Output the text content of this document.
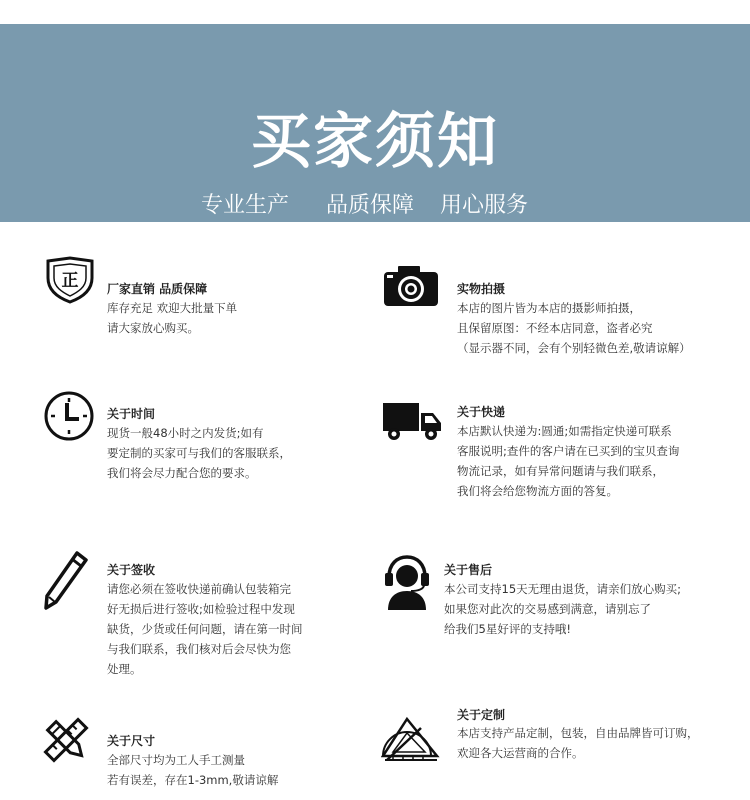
买家须知
专业生产 品质保障 用心服务
正 厂家直销 品质保障
库存充足 欢迎大批量下单
请大家放心购买。
实物拍摄
本店的图片皆为本店的摄影师拍摄，
且保留原图：不经本店同意，盗者必究
（显示器不同，会有个别轻微色差,敬请谅解）
关于时间
现货一般48小时之内发货;如有
要定制的买家可与我们的客服联系，
我们将会尽力配合您的要求。
关于快递
本店默认快递为:圆通;如需指定快递可联系
客服说明;查件的客户请在已买到的宝贝查询
物流记录，如有异常问题请与我们联系，
我们将会给您物流方面的答复。
关于签收
请您必须在签收快递前确认包装箱完
好无损后进行签收;如检验过程中发现
缺货，少货或任何问题，请在第一时间
与我们联系，我们核对后会尽快为您
处理。
关于售后
本公司支持15天无理由退货，请亲们放心购买;
如果您对此次的交易感到满意，请别忘了
给我们5星好评的支持哦!
关于尺寸
全部尺寸均为工人手工测量
若有误差，存在1-3mm,敬请谅解
关于定制
本店支持产品定制，包装，自由品牌皆可订购，
欢迎各大运营商的合作。
